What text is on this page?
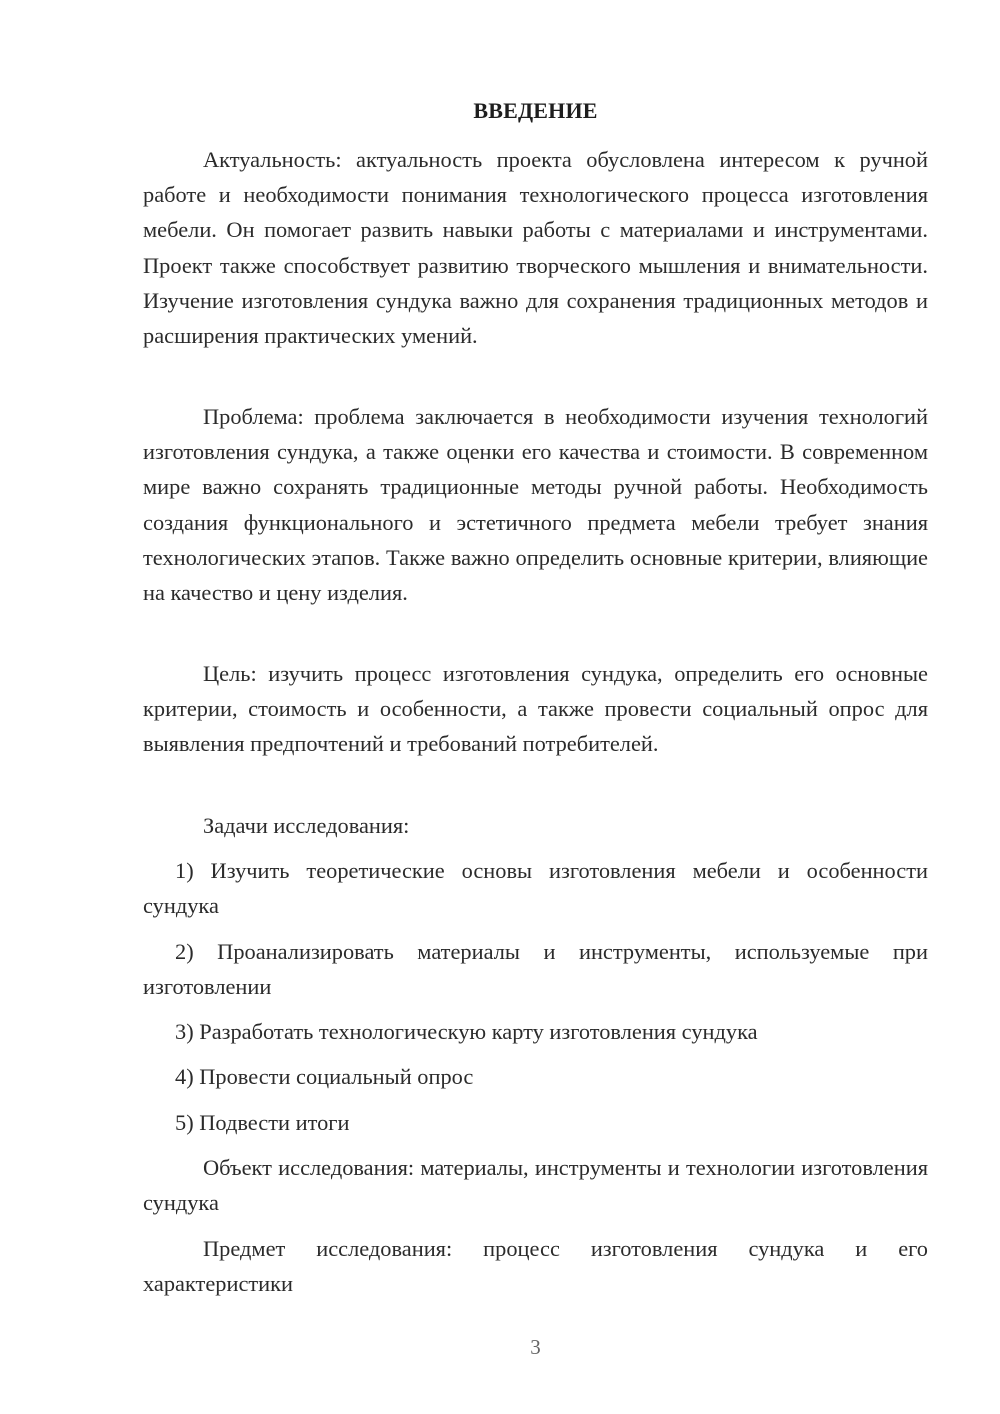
ВВЕДЕНИЕ

Актуальность: актуальность проекта обусловлена интересом к ручной работе и необходимости понимания технологического процесса изготовления мебели. Он помогает развить навыки работы с материалами и инструментами. Проект также способствует развитию творческого мышления и внимательности. Изучение изготовления сундука важно для сохранения традиционных методов и расширения практических умений.

Проблема: проблема заключается в необходимости изучения технологий изготовления сундука, а также оценки его качества и стоимости. В современном мире важно сохранять традиционные методы ручной работы. Необходимость создания функционального и эстетичного предмета мебели требует знания технологических этапов. Также важно определить основные критерии, влияющие на качество и цену изделия.

Цель: изучить процесс изготовления сундука, определить его основные критерии, стоимость и особенности, а также провести социальный опрос для выявления предпочтений и требований потребителей.

Задачи исследования:

1) Изучить теоретические основы изготовления мебели и особенности сундука

2) Проанализировать материалы и инструменты, используемые при изготовлении

3) Разработать технологическую карту изготовления сундука

4) Провести социальный опрос

5) Подвести итоги

Объект исследования: материалы, инструменты и технологии изготовления сундука

Предмет исследования: процесс изготовления сундука и его характеристики

3
